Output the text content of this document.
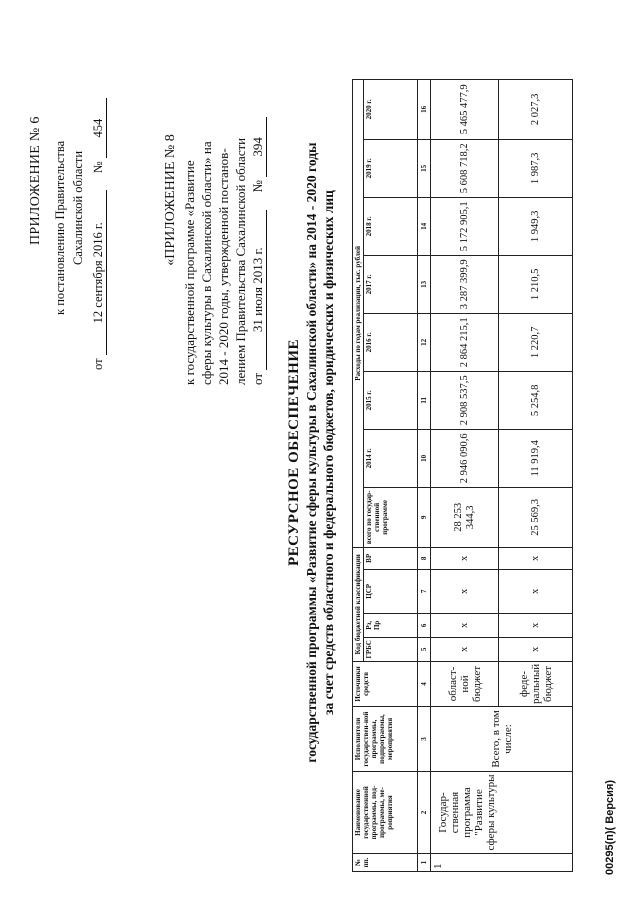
ПРИЛОЖЕНИЕ № 6 к постановлению Правительства Сахалинской области
от 12 сентября 2016 г. № 454
«ПРИЛОЖЕНИЕ № 8 к государственной программе «Развитие сферы культуры в Сахалинской области» на 2014 - 2020 годы, утвержденной постанов- лением Правительства Сахалинской области от 31 июля 2013 г. № 394
РЕСУРСНОЕ ОБЕСПЕЧЕНИЕ государственной программы «Развитие сферы культуры в Сахалинской области» на 2014 - 2020 годы за счет средств областного и федерального бюджетов, юридических и физических лиц
№ пп.	Наименование государственной программы, под-программы, ме-роприятия	Исполнители государствен-ной программы, подпрограммы, мероприятия	Источники средств	Код бюджетной классификации				Расходы по годам реализации, тыс. рублей							
				ГРБС	Рз, Пр	ЦСР	ВР	всего по государ-ственной программе	2014 г.	2015 г.	2016 г.	2017 г.	2018 г.	2019 г.	2020 г.
1	2	3	4	5	6	7	8	9	10	11	12	13	14	15	16
1	Государ-ственная программа "Развитие сферы культуры	Всего, в том числе:	област-ной бюджет	х	х	х	х	28 253 344,3	2 946 090,6	2 908 537,5	2 864 215,1	3 287 399,9	5 172 905,1	5 608 718,2	5 465 477,9
			феде-ральный бюджет	х	х	х	х	25 569,3	11 919,4	5 254,8	1 220,7	1 210,5	1 949,3	1 987,3	2 027,3
00295(п)( Версия)
